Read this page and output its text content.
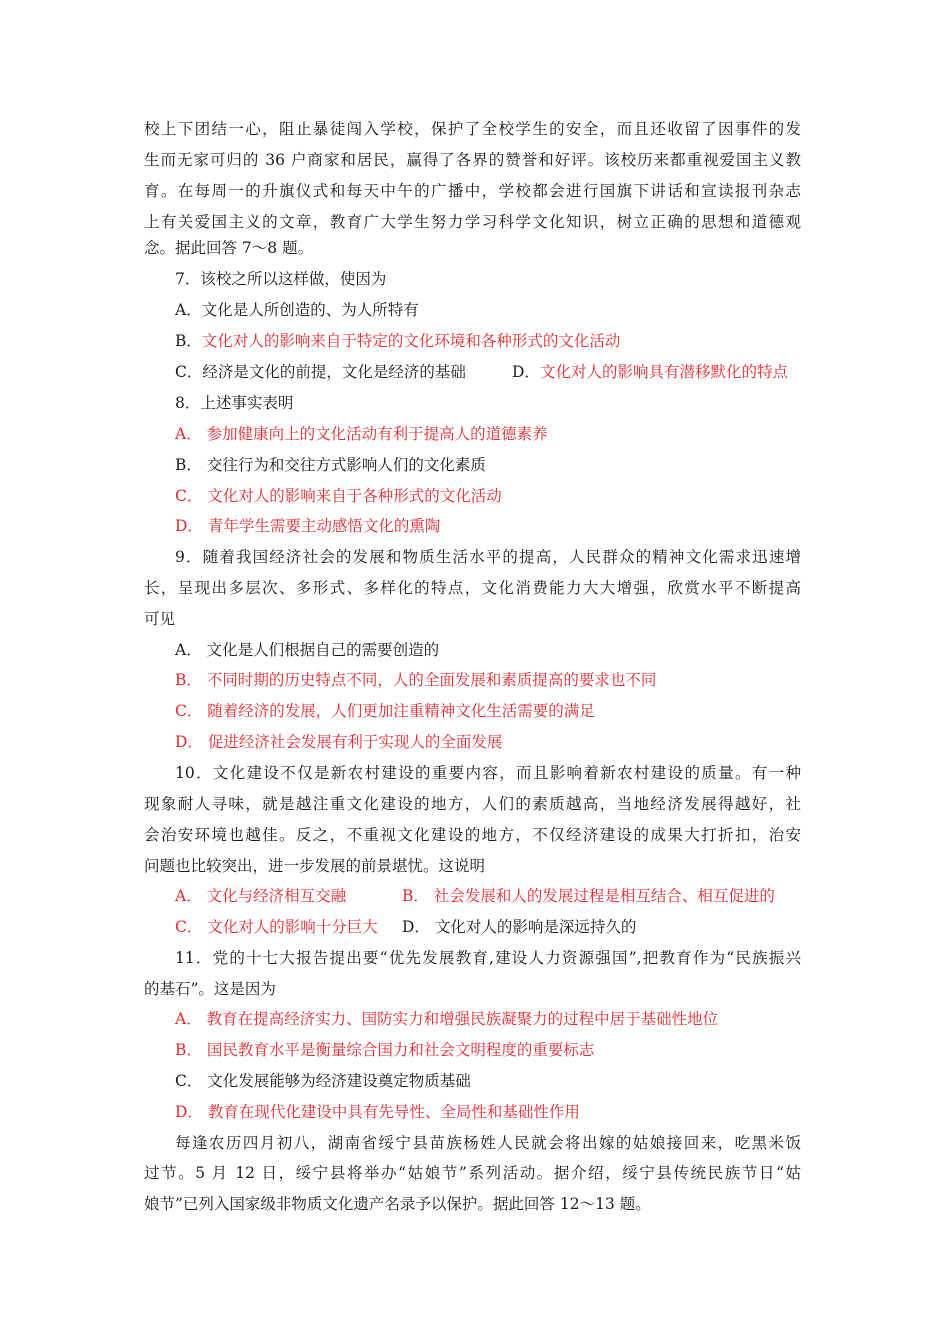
校上下团结一心，阻止暴徒闯入学校，保护了全校学生的安全，而且还收留了因事件的发
生而无家可归的 36 户商家和居民，赢得了各界的赞誉和好评。该校历来都重视爱国主义教
育。在每周一的升旗仪式和每天中午的广播中，学校都会进行国旗下讲话和宣读报刊杂志
上有关爱国主义的文章，教育广大学生努力学习科学文化知识，树立正确的思想和道德观
念。据此回答 7～8 题。
7．该校之所以这样做，使因为
A．文化是人所创造的、为人所特有
B．文化对人的影响来自于特定的文化环境和各种形式的文化活动
C．经济是文化的前提，文化是经济的基础	D．文化对人的影响具有潜移默化的特点
8．上述事实表明
A． 参加健康向上的文化活动有利于提高人的道德素养
B． 交往行为和交往方式影响人们的文化素质
C． 文化对人的影响来自于各种形式的文化活动
D． 青年学生需要主动感悟文化的熏陶
9．随着我国经济社会的发展和物质生活水平的提高，人民群众的精神文化需求迅速增
长，呈现出多层次、多形式、多样化的特点，文化消费能力大大增强，欣赏水平不断提高
可见
A． 文化是人们根据自己的需要创造的
B． 不同时期的历史特点不同，人的全面发展和素质提高的要求也不同
C． 随着经济的发展，人们更加注重精神文化生活需要的满足
D． 促进经济社会发展有利于实现人的全面发展
10．文化建设不仅是新农村建设的重要内容，而且影响着新农村建设的质量。有一种
现象耐人寻味，就是越注重文化建设的地方，人们的素质越高，当地经济发展得越好，社
会治安环境也越佳。反之，不重视文化建设的地方，不仅经济建设的成果大打折扣，治安
问题也比较突出，进一步发展的前景堪忧。这说明
A． 文化与经济相互交融	B． 社会发展和人的发展过程是相互结合、相互促进的
C． 文化对人的影响十分巨大 D． 文化对人的影响是深远持久的
11．党的十七大报告提出要“优先发展教育,建设人力资源强国”,把教育作为“民族振兴
的基石”。这是因为
A． 教育在提高经济实力、国防实力和增强民族凝聚力的过程中居于基础性地位
B． 国民教育水平是衡量综合国力和社会文明程度的重要标志
C． 文化发展能够为经济建设奠定物质基础
D． 教育在现代化建设中具有先导性、全局性和基础性作用
每逢农历四月初八，湖南省绥宁县苗族杨姓人民就会将出嫁的姑娘接回来，吃黑米饭
过节。5 月 12 日，绥宁县将举办“姑娘节”系列活动。据介绍，绥宁县传统民族节日“姑
娘节”已列入国家级非物质文化遗产名录予以保护。据此回答 12～13 题。
